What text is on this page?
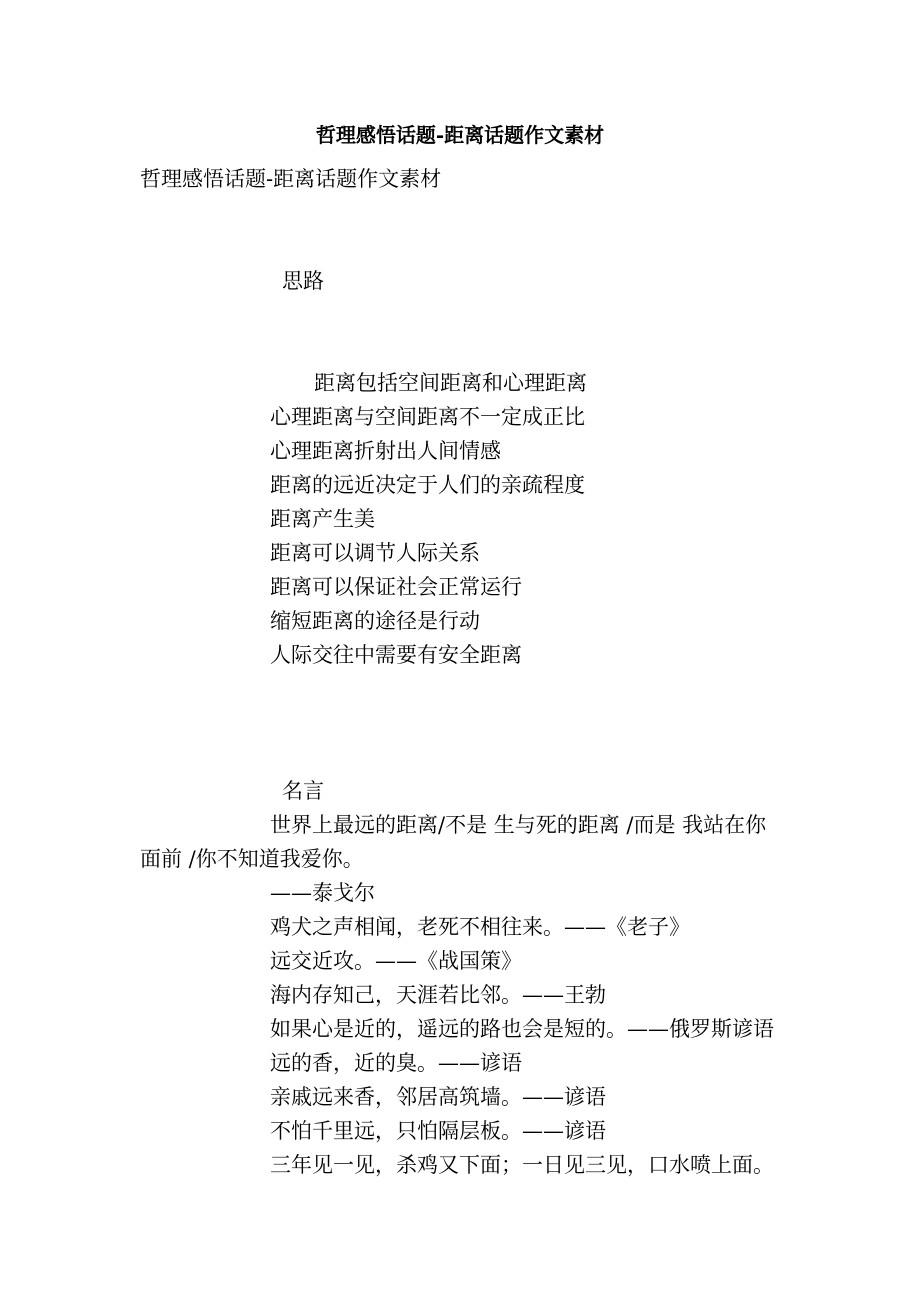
哲理感悟话题-距离话题作文素材
哲理感悟话题-距离话题作文素材
思路
距离包括空间距离和心理距离
心理距离与空间距离不一定成正比
心理距离折射出人间情感
距离的远近决定于人们的亲疏程度
距离产生美
距离可以调节人际关系
距离可以保证社会正常运行
缩短距离的途径是行动
人际交往中需要有安全距离
名言
世界上最远的距离/不是 生与死的距离 /而是 我站在你
面前 /你不知道我爱你。
——泰戈尔
鸡犬之声相闻，老死不相往来。——《老子》
远交近攻。——《战国策》
海内存知己，天涯若比邻。——王勃
如果心是近的，遥远的路也会是短的。——俄罗斯谚语
远的香，近的臭。——谚语
亲戚远来香，邻居高筑墙。——谚语
不怕千里远，只怕隔层板。——谚语
三年见一见，杀鸡又下面；一日见三见，口水喷上面。
